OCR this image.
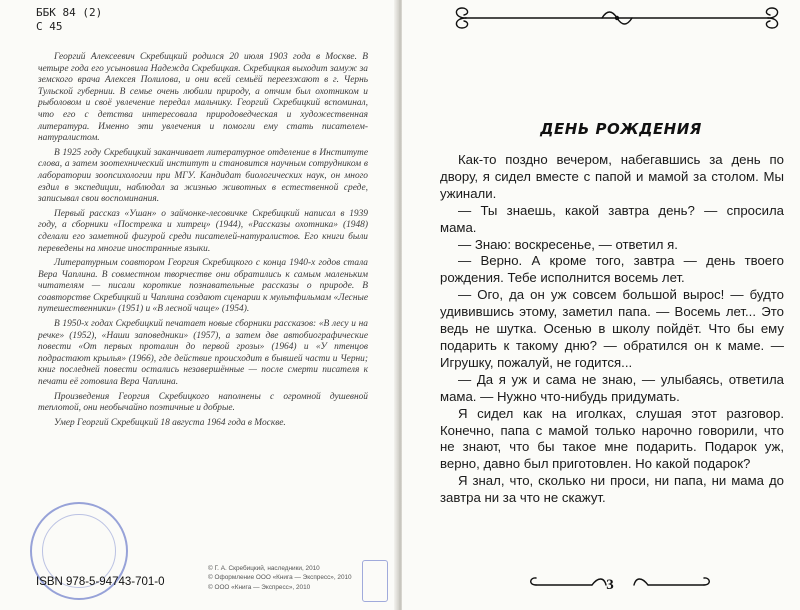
ББК 84 (2)
С 45

Георгий Алексеевич Скребицкий родился 20 июля 1903 года в Москве. В четыре года его усыновила Надежда Скребицкая. Скребицкая выходит замуж за земского врача Алексея Полилова, и они всей семьёй переезжают в г. Чернь Тульской губернии. В семье очень любили природу, а отчим был охотником и рыболовом и своё увлечение передал мальчику. Георгий Скребицкий вспоминал, что его с детства интересовала природоведческая и художественная литература. Именно эти увлечения и помогли ему стать писателем-натуралистом.

В 1925 году Скребицкий заканчивает литературное отделение в Институте слова, а затем зоотехнический институт и становится научным сотрудником в лаборатории зоопсихологии при МГУ. Кандидат биологических наук, он много ездил в экспедиции, наблюдал за жизнью животных в естественной среде, записывал свои воспоминания.

Первый рассказ «Ушан» о зайчонке-лесовичке Скребицкий написал в 1939 году, а сборники «Пострелка и хитрец» (1944), «Рассказы охотника» (1948) сделали его заметной фигурой среди писателей-натуралистов. Его книги были переведены на многие иностранные языки.

Литературным соавтором Георгия Скребицкого с конца 1940-х годов стала Вера Чаплина. В совместном творчестве они обратились к самым маленьким читателям — писали короткие познавательные рассказы о природе. В соавторстве Скребицкий и Чаплина создают сценарии к мультфильмам «Лесные путешественники» (1951) и «В лесной чаще» (1954).

В 1950-х годах Скребицкий печатает новые сборники рассказов: «В лесу и на речке» (1952), «Наши заповедники» (1957), а затем две автобиографические повести «От первых проталин до первой грозы» (1964) и «У птенцов подрастают крылья» (1966), где действие происходит в бывшей части и Черни; книг последней повести остались незавершённые — после смерти писателя к печати её готовила Вера Чаплина.

Произведения Георгия Скребицкого наполнены с огромной душевной теплотой, они необычайно поэтичные и добрые.

Умер Георгий Скребицкий 18 августа 1964 года в Москве.

ISBN 978-5-94743-701-0
© Г. А. Скребицкий, наследники, 2010
© Оформление ООО «Книга — Экспресс», 2010
© ООО «Книга — Экспресс», 2010
ДЕНЬ РОЖДЕНИЯ

Как-то поздно вечером, набегавшись за день по двору, я сидел вместе с папой и мамой за столом. Мы ужинали.

— Ты знаешь, какой завтра день? — спросила мама.

— Знаю: воскресенье, — ответил я.

— Верно. А кроме того, завтра — день твоего рождения. Тебе исполнится восемь лет.

— Ого, да он уж совсем большой вырос! — будто удивившись этому, заметил папа. — Восемь лет... Это ведь не шутка. Осенью в школу пойдёт. Что бы ему подарить к такому дню? — обратился он к маме. — Игрушку, пожалуй, не годится...

— Да я уж и сама не знаю, — улыбаясь, ответила мама. — Нужно что-нибудь придумать.

Я сидел как на иголках, слушая этот разговор. Конечно, папа с мамой только нарочно говорили, что не знают, что бы такое мне подарить. Подарок уж, верно, давно был приготовлен. Но какой подарок?

Я знал, что, сколько ни проси, ни папа, ни мама до завтра ни за что не скажут.

3
